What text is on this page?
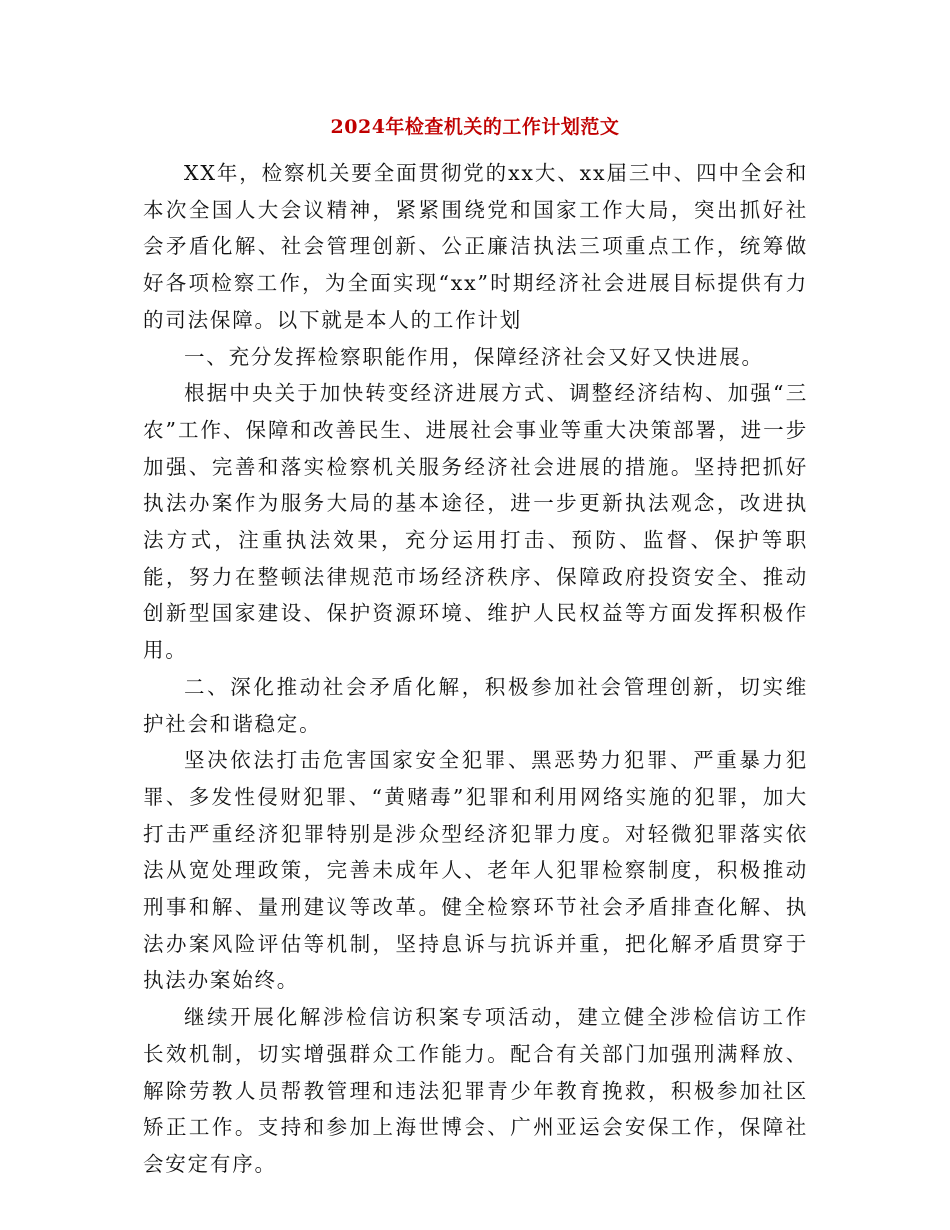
2024年检查机关的工作计划范文

XX年，检察机关要全面贯彻党的xx大、xx届三中、四中全会和本次全国人大会议精神，紧紧围绕党和国家工作大局，突出抓好社会矛盾化解、社会管理创新、公正廉洁执法三项重点工作，统筹做好各项检察工作，为全面实现“xx”时期经济社会进展目标提供有力的司法保障。以下就是本人的工作计划

一、充分发挥检察职能作用，保障经济社会又好又快进展。

根据中央关于加快转变经济进展方式、调整经济结构、加强“三农”工作、保障和改善民生、进展社会事业等重大决策部署，进一步加强、完善和落实检察机关服务经济社会进展的措施。坚持把抓好执法办案作为服务大局的基本途径，进一步更新执法观念，改进执法方式，注重执法效果，充分运用打击、预防、监督、保护等职能，努力在整顿法律规范市场经济秩序、保障政府投资安全、推动创新型国家建设、保护资源环境、维护人民权益等方面发挥积极作用。

二、深化推动社会矛盾化解，积极参加社会管理创新，切实维护社会和谐稳定。

坚决依法打击危害国家安全犯罪、黑恶势力犯罪、严重暴力犯罪、多发性侵财犯罪、“黄赌毒”犯罪和利用网络实施的犯罪，加大打击严重经济犯罪特别是涉众型经济犯罪力度。对轻微犯罪落实依法从宽处理政策，完善未成年人、老年人犯罪检察制度，积极推动刑事和解、量刑建议等改革。健全检察环节社会矛盾排查化解、执法办案风险评估等机制，坚持息诉与抗诉并重，把化解矛盾贯穿于执法办案始终。

继续开展化解涉检信访积案专项活动，建立健全涉检信访工作长效机制，切实增强群众工作能力。配合有关部门加强刑满释放、解除劳教人员帮教管理和违法犯罪青少年教育挽救，积极参加社区矫正工作。支持和参加上海世博会、广州亚运会安保工作，保障社会安定有序。
